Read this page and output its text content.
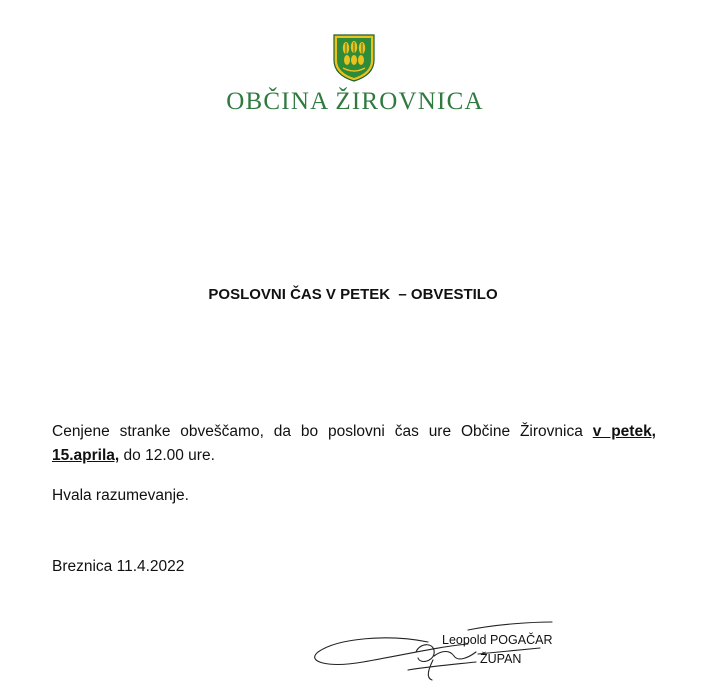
OBČINA ŽIROVNICA
POSLOVNI ČAS V PETEK  – OBVESTILO

Cenjene stranke obveščamo, da bo poslovni čas ure Občine Žirovnica v petek, 15.aprila, do 12.00 ure.

Hvala razumevanje.
Breznica 11.4.2022
Leopold POGAČAR
ŽUPAN
